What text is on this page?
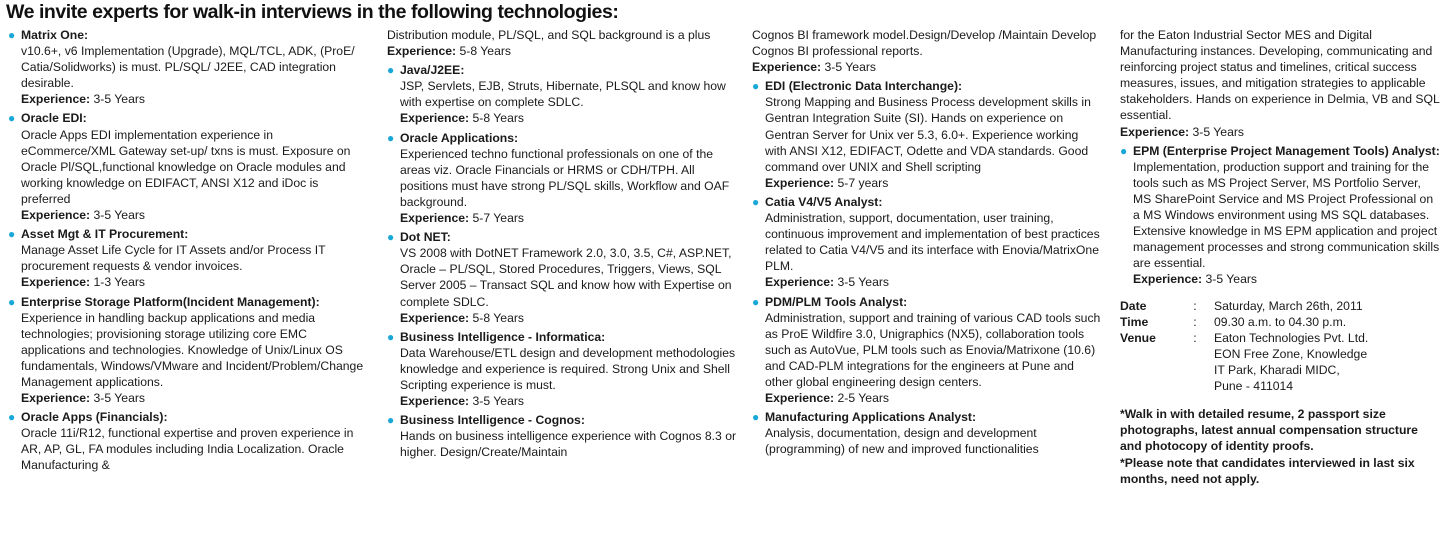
We invite experts for walk-in interviews in the following technologies:
● Matrix One:
v10.6+, v6 Implementation (Upgrade), MQL/TCL, ADK, (ProE/ Catia/Solidworks) is must. PL/SQL/ J2EE, CAD integration desirable.
Experience: 3-5 Years
● Oracle EDI:
Oracle Apps EDI implementation experience in eCommerce/XML Gateway set-up/ txns is must. Exposure on Oracle Pl/SQL,functional knowledge on Oracle modules and working knowledge on EDIFACT, ANSI X12 and iDoc is preferred
Experience: 3-5 Years
● Asset Mgt & IT Procurement:
Manage Asset Life Cycle for IT Assets and/or Process IT procurement requests & vendor invoices.
Experience: 1-3 Years
● Enterprise Storage Platform(Incident Management):
Experience in handling backup applications and media technologies; provisioning storage utilizing core EMC applications and technologies. Knowledge of Unix/Linux OS fundamentals, Windows/VMware and Incident/Problem/Change Management applications.
Experience: 3-5 Years
● Oracle Apps (Financials):
Oracle 11i/R12, functional expertise and proven experience in AR, AP, GL, FA modules including India Localization. Oracle Manufacturing &
Distribution module, PL/SQL, and SQL background is a plus
Experience: 5-8 Years
● Java/J2EE:
JSP, Servlets, EJB, Struts, Hibernate, PLSQL and know how with expertise on complete SDLC.
Experience: 5-8 Years
● Oracle Applications:
Experienced techno functional professionals on one of the areas viz. Oracle Financials or HRMS or CDH/TPH. All positions must have strong PL/SQL skills, Workflow and OAF background.
Experience: 5-7 Years
● Dot NET:
VS 2008 with DotNET Framework 2.0, 3.0, 3.5, C#, ASP.NET, Oracle – PL/SQL, Stored Procedures, Triggers, Views, SQL Server 2005 – Transact SQL and know how with Expertise on complete SDLC.
Experience: 5-8 Years
● Business Intelligence - Informatica:
Data Warehouse/ETL design and development methodologies knowledge and experience is required. Strong Unix and Shell Scripting experience is must.
Experience: 3-5 Years
● Business Intelligence - Cognos:
Hands on business intelligence experience with Cognos 8.3 or higher. Design/Create/Maintain
Cognos BI framework model.Design/Develop /Maintain Develop Cognos BI professional reports.
Experience: 3-5 Years
● EDI (Electronic Data Interchange):
Strong Mapping and Business Process development skills in Gentran Integration Suite (SI). Hands on experience on Gentran Server for Unix ver 5.3, 6.0+. Experience working with ANSI X12, EDIFACT, Odette and VDA standards. Good command over UNIX and Shell scripting
Experience: 5-7 years
● Catia V4/V5 Analyst:
Administration, support, documentation, user training, continuous improvement and implementation of best practices related to Catia V4/V5 and its interface with Enovia/MatrixOne PLM.
Experience: 3-5 Years
● PDM/PLM Tools Analyst:
Administration, support and training of various CAD tools such as ProE Wildfire 3.0, Unigraphics (NX5), collaboration tools such as AutoVue, PLM tools such as Enovia/Matrixone (10.6) and CAD-PLM integrations for the engineers at Pune and other global engineering design centers.
Experience: 2-5 Years
● Manufacturing Applications Analyst:
Analysis, documentation, design and development (programming) of new and improved functionalities
for the Eaton Industrial Sector MES and Digital Manufacturing instances. Developing, communicating and reinforcing project status and timelines, critical success measures, issues, and mitigation strategies to applicable stakeholders. Hands on experience in Delmia, VB and SQL essential.
Experience: 3-5 Years
● EPM (Enterprise Project Management Tools) Analyst:
Implementation, production support and training for the tools such as MS Project Server, MS Portfolio Server, MS SharePoint Service and MS Project Professional on a MS Windows environment using MS SQL databases. Extensive knowledge in MS EPM application and project management processes and strong communication skills are essential.
Experience: 3-5 Years
Date	:	Saturday, March 26th, 2011
Time	:	09.30 a.m. to 04.30 p.m.
Venue	:	Eaton Technologies Pvt. Ltd.
EON Free Zone, Knowledge
IT Park, Kharadi MIDC,
Pune - 411014
*Walk in with detailed resume, 2 passport size photographs, latest annual compensation structure and photocopy of identity proofs.
*Please note that candidates interviewed in last six months, need not apply.
